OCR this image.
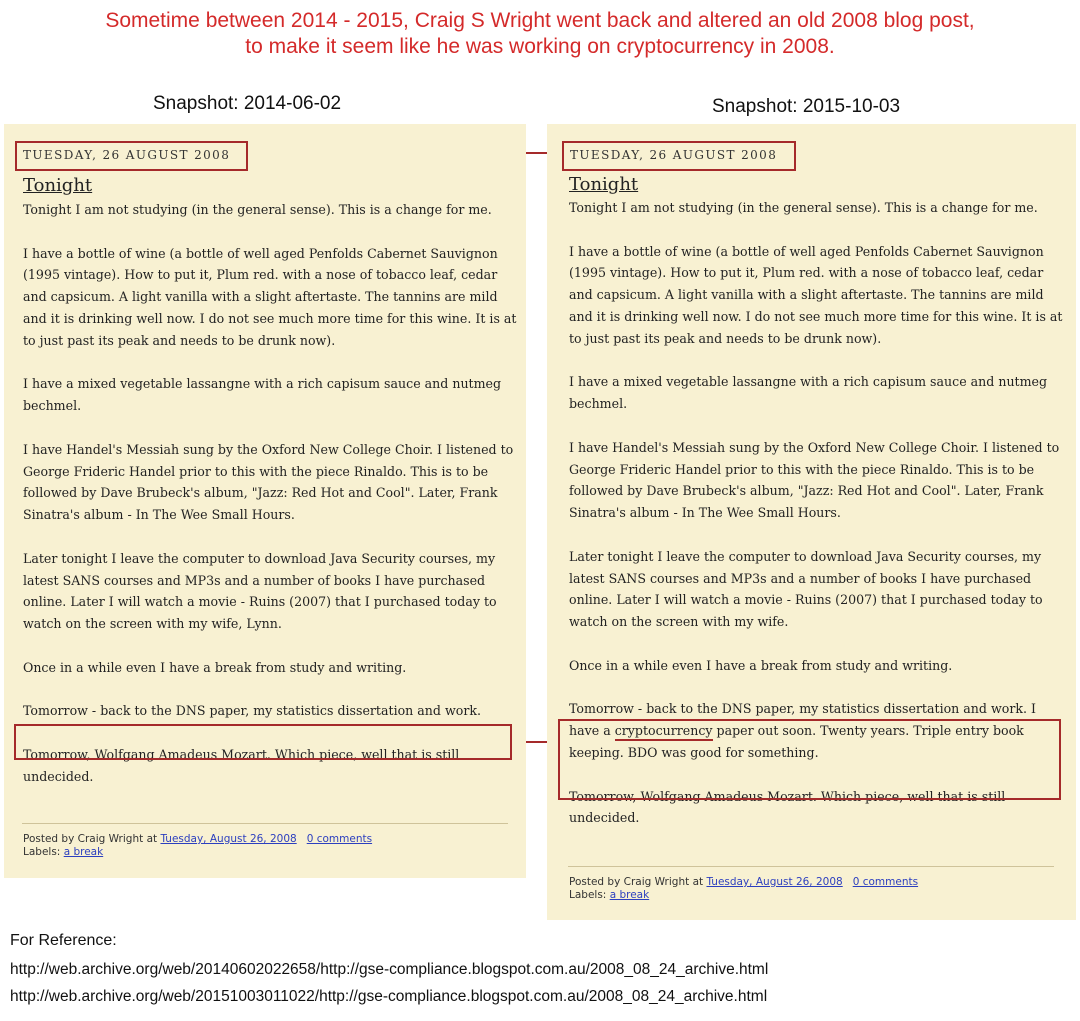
Sometime between 2014 - 2015, Craig S Wright went back and altered an old 2008 blog post,
to make it seem like he was working on cryptocurrency in 2008.
Snapshot: 2014-06-02	Snapshot: 2015-10-03
TUESDAY, 26 AUGUST 2008
Tonight

Tonight I am not studying (in the general sense). This is a change for me.

I have a bottle of wine (a bottle of well aged Penfolds Cabernet Sauvignon (1995 vintage). How to put it, Plum red. with a nose of tobacco leaf, cedar and capsicum. A light vanilla with a slight aftertaste. The tannins are mild and it is drinking well now. I do not see much more time for this wine. It is at to just past its peak and needs to be drunk now).

I have a mixed vegetable lassangne with a rich capisum sauce and nutmeg bechmel.

I have Handel's Messiah sung by the Oxford New College Choir. I listened to George Frideric Handel prior to this with the piece Rinaldo. This is to be followed by Dave Brubeck's album, "Jazz: Red Hot and Cool". Later, Frank Sinatra's album - In The Wee Small Hours.

Later tonight I leave the computer to download Java Security courses, my latest SANS courses and MP3s and a number of books I have purchased online. Later I will watch a movie - Ruins (2007) that I purchased today to watch on the screen with my wife, Lynn.

Once in a while even I have a break from study and writing.

Tomorrow - back to the DNS paper, my statistics dissertation and work.

Tomorrow, Wolfgang Amadeus Mozart. Which piece, well that is still undecided.

Posted by Craig Wright at Tuesday, August 26, 2008 0 comments
Labels: a break
TUESDAY, 26 AUGUST 2008
Tonight

Tonight I am not studying (in the general sense). This is a change for me.

I have a bottle of wine (a bottle of well aged Penfolds Cabernet Sauvignon (1995 vintage). How to put it, Plum red. with a nose of tobacco leaf, cedar and capsicum. A light vanilla with a slight aftertaste. The tannins are mild and it is drinking well now. I do not see much more time for this wine. It is at to just past its peak and needs to be drunk now).

I have a mixed vegetable lassangne with a rich capisum sauce and nutmeg bechmel.

I have Handel's Messiah sung by the Oxford New College Choir. I listened to George Frideric Handel prior to this with the piece Rinaldo. This is to be followed by Dave Brubeck's album, "Jazz: Red Hot and Cool". Later, Frank Sinatra's album - In The Wee Small Hours.

Later tonight I leave the computer to download Java Security courses, my latest SANS courses and MP3s and a number of books I have purchased online. Later I will watch a movie - Ruins (2007) that I purchased today to watch on the screen with my wife.

Once in a while even I have a break from study and writing.

Tomorrow - back to the DNS paper, my statistics dissertation and work. I have a cryptocurrency paper out soon. Twenty years. Triple entry book keeping. BDO was good for something.

Tomorrow, Wolfgang Amadeus Mozart. Which piece, well that is still undecided.

Posted by Craig Wright at Tuesday, August 26, 2008 0 comments
Labels: a break
For Reference:
http://web.archive.org/web/20140602022658/http://gse-compliance.blogspot.com.au/2008_08_24_archive.html
http://web.archive.org/web/20151003011022/http://gse-compliance.blogspot.com.au/2008_08_24_archive.html
